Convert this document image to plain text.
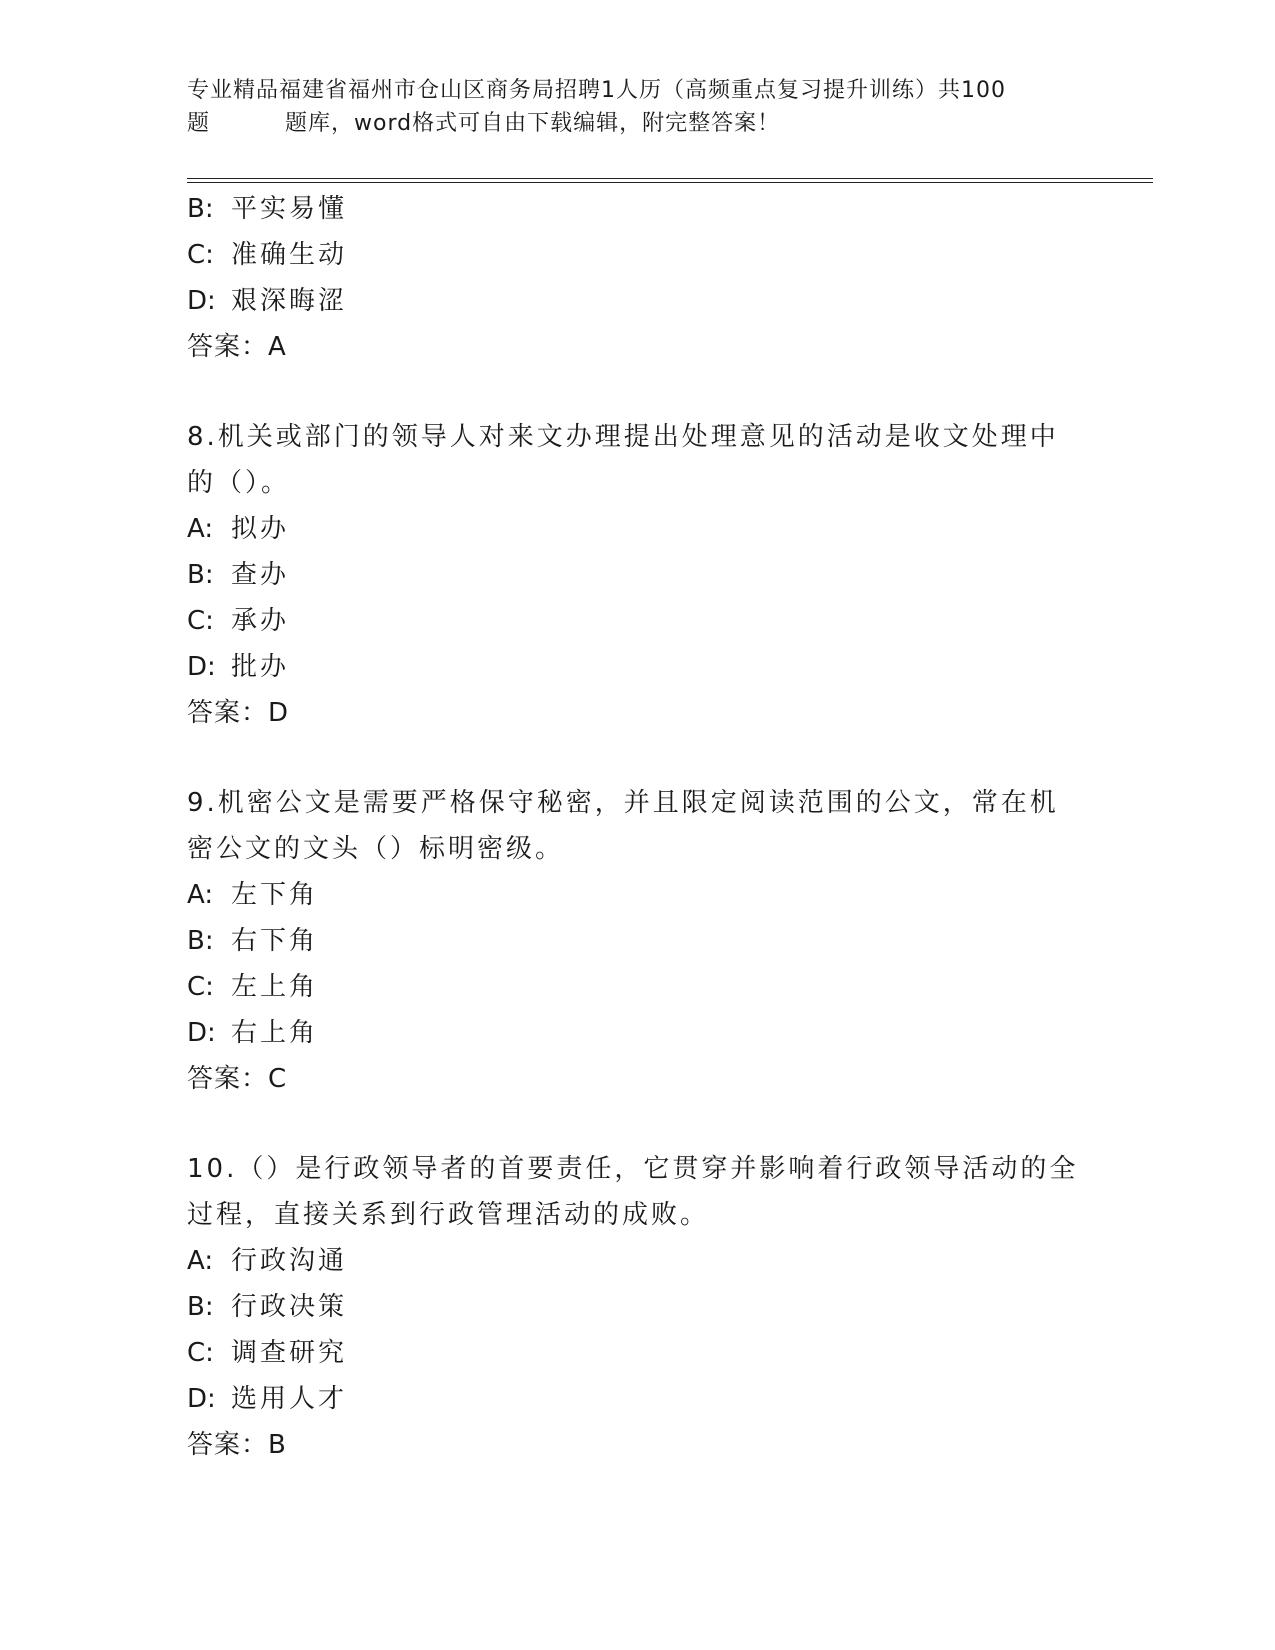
专业精品福建省福州市仓山区商务局招聘1人历（高频重点复习提升训练）共100
题	题库，word格式可自由下载编辑，附完整答案！
B: 平实易懂
C: 准确生动
D: 艰深晦涩
答案：A
8.机关或部门的领导人对来文办理提出处理意见的活动是收文处理中
的（）。
A: 拟办
B: 查办
C: 承办
D: 批办
答案：D
9.机密公文是需要严格保守秘密，并且限定阅读范围的公文，常在机
密公文的文头（）标明密级。
A: 左下角
B: 右下角
C: 左上角
D: 右上角
答案：C
10.（）是行政领导者的首要责任，它贯穿并影响着行政领导活动的全
过程，直接关系到行政管理活动的成败。
A: 行政沟通
B: 行政决策
C: 调查研究
D: 选用人才
答案：B
